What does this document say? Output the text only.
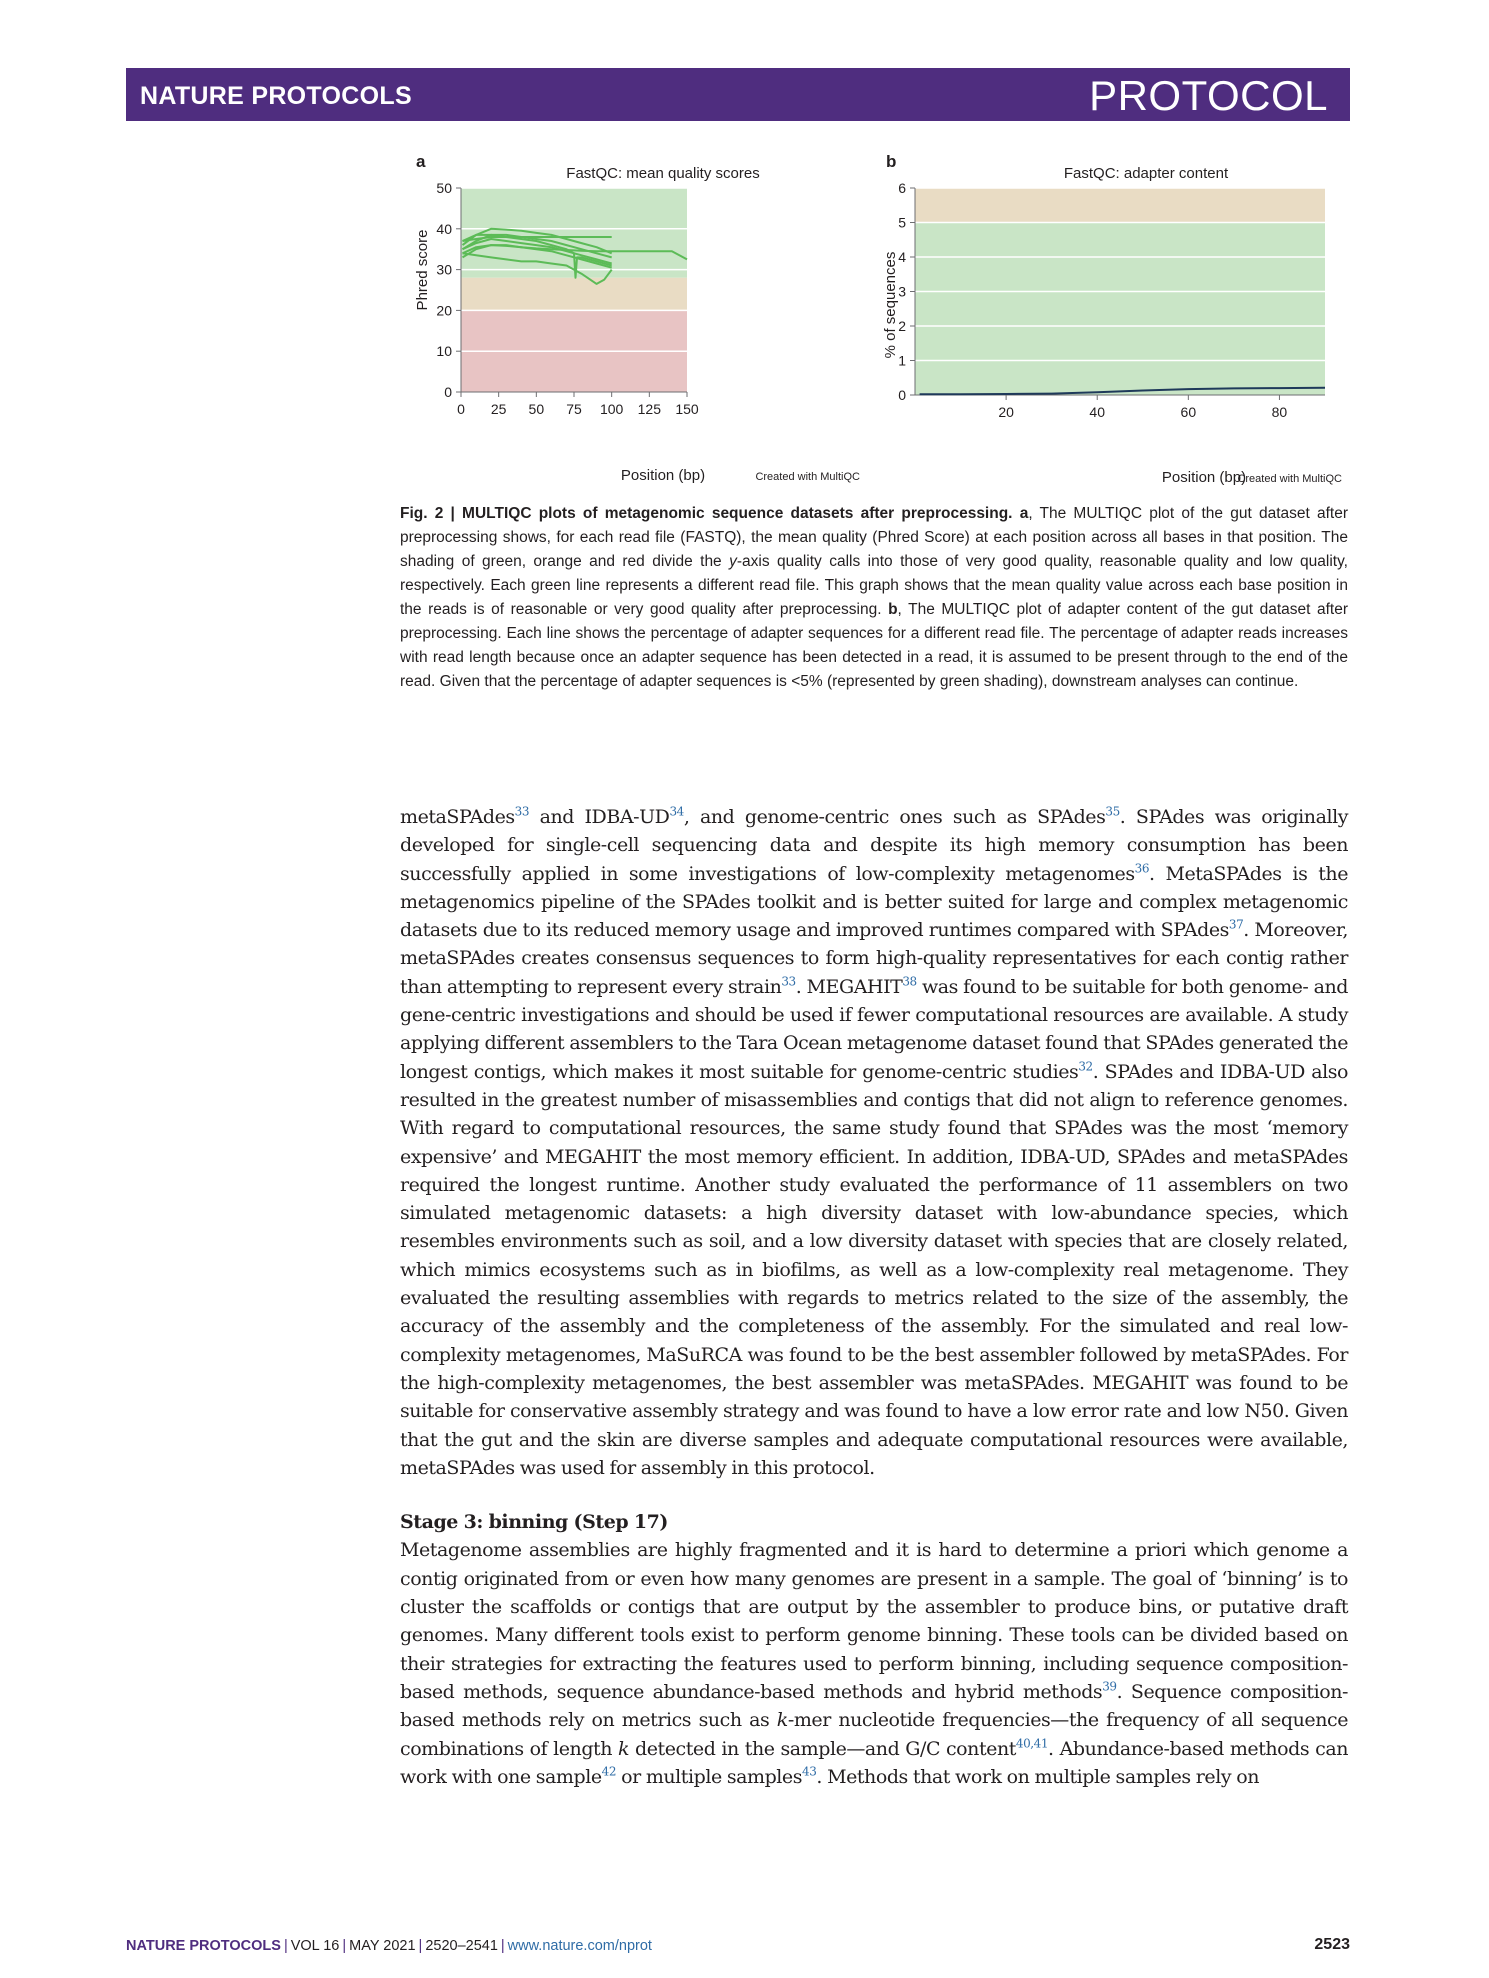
NATURE PROTOCOLS	PROTOCOL
a
FastQC: mean quality scores
0
10
20
30
40
50
0 25 50 75 100 125 150
Position (bp)
Phred score
Created with MultiQC
b
FastQC: adapter content
0
1
2
3
4
5
6
20	40	60	80
Position (bp)
% of sequences
Created with MultiQC
Fig. 2 | MULTIQC plots of metagenomic sequence datasets after preprocessing. a, The MULTIQC plot of the gut dataset after preprocessing shows, for each read file (FASTQ), the mean quality (Phred Score) at each position across all bases in that position. The shading of green, orange and red divide the y-axis quality calls into those of very good quality, reasonable quality and low quality, respectively. Each green line represents a different read file. This graph shows that the mean quality value across each base position in the reads is of reasonable or very good quality after preprocessing. b, The MULTIQC plot of adapter content of the gut dataset after preprocessing. Each line shows the percentage of adapter sequences for a different read file. The percentage of adapter reads increases with read length because once an adapter sequence has been detected in a read, it is assumed to be present through to the end of the read. Given that the percentage of adapter sequences is <5% (represented by green shading), downstream analyses can continue.

metaSPAdes$^{33}$ and IDBA-UD$^{34}$, and genome-centric ones such as SPAdes$^{35}$. SPAdes was originally developed for single-cell sequencing data and despite its high memory consumption has been successfully applied in some investigations of low-complexity metagenomes$^{36}$. MetaSPAdes is the metagenomics pipeline of the SPAdes toolkit and is better suited for large and complex metagenomic datasets due to its reduced memory usage and improved runtimes compared with SPAdes$^{37}$. Moreover, metaSPAdes creates consensus sequences to form high-quality representatives for each contig rather than attempting to represent every strain$^{33}$. MEGAHIT$^{38}$ was found to be suitable for both genome- and gene-centric investigations and should be used if fewer computational resources are available. A study applying different assemblers to the Tara Ocean metagenome dataset found that SPAdes generated the longest contigs, which makes it most suitable for genome-centric studies$^{32}$. SPAdes and IDBA-UD also resulted in the greatest number of misassemblies and contigs that did not align to reference genomes. With regard to computational resources, the same study found that SPAdes was the most ‘memory expensive’ and MEGAHIT the most memory efficient. In addition, IDBA-UD, SPAdes and metaSPAdes required the longest runtime. Another study evaluated the performance of 11 assemblers on two simulated metagenomic datasets: a high diversity dataset with low-abundance species, which resembles environments such as soil, and a low diversity dataset with species that are closely related, which mimics ecosystems such as in biofilms, as well as a low-complexity real metagenome. They evaluated the resulting assemblies with regards to metrics related to the size of the assembly, the accuracy of the assembly and the completeness of the assembly. For the simulated and real low-complexity metagenomes, MaSuRCA was found to be the best assembler followed by metaSPAdes. For the high-complexity metagenomes, the best assembler was metaSPAdes. MEGAHIT was found to be suitable for conservative assembly strategy and was found to have a low error rate and low N50. Given that the gut and the skin are diverse samples and adequate computational resources were available, metaSPAdes was used for assembly in this protocol.

Stage 3: binning (Step 17)

Metagenome assemblies are highly fragmented and it is hard to determine a priori which genome a contig originated from or even how many genomes are present in a sample. The goal of ‘binning’ is to cluster the scaffolds or contigs that are output by the assembler to produce bins, or putative draft genomes. Many different tools exist to perform genome binning. These tools can be divided based on their strategies for extracting the features used to perform binning, including sequence composition-based methods, sequence abundance-based methods and hybrid methods$^{39}$. Sequence composition-based methods rely on metrics such as k-mer nucleotide frequencies—the frequency of all sequence combinations of length k detected in the sample—and G/C content$^{40,41}$. Abundance-based methods can work with one sample$^{42}$ or multiple samples$^{43}$. Methods that work on multiple samples rely on

NATURE PROTOCOLS | VOL 16 | MAY 2021 | 2520–2541 | www.nature.com/nprot	2523
